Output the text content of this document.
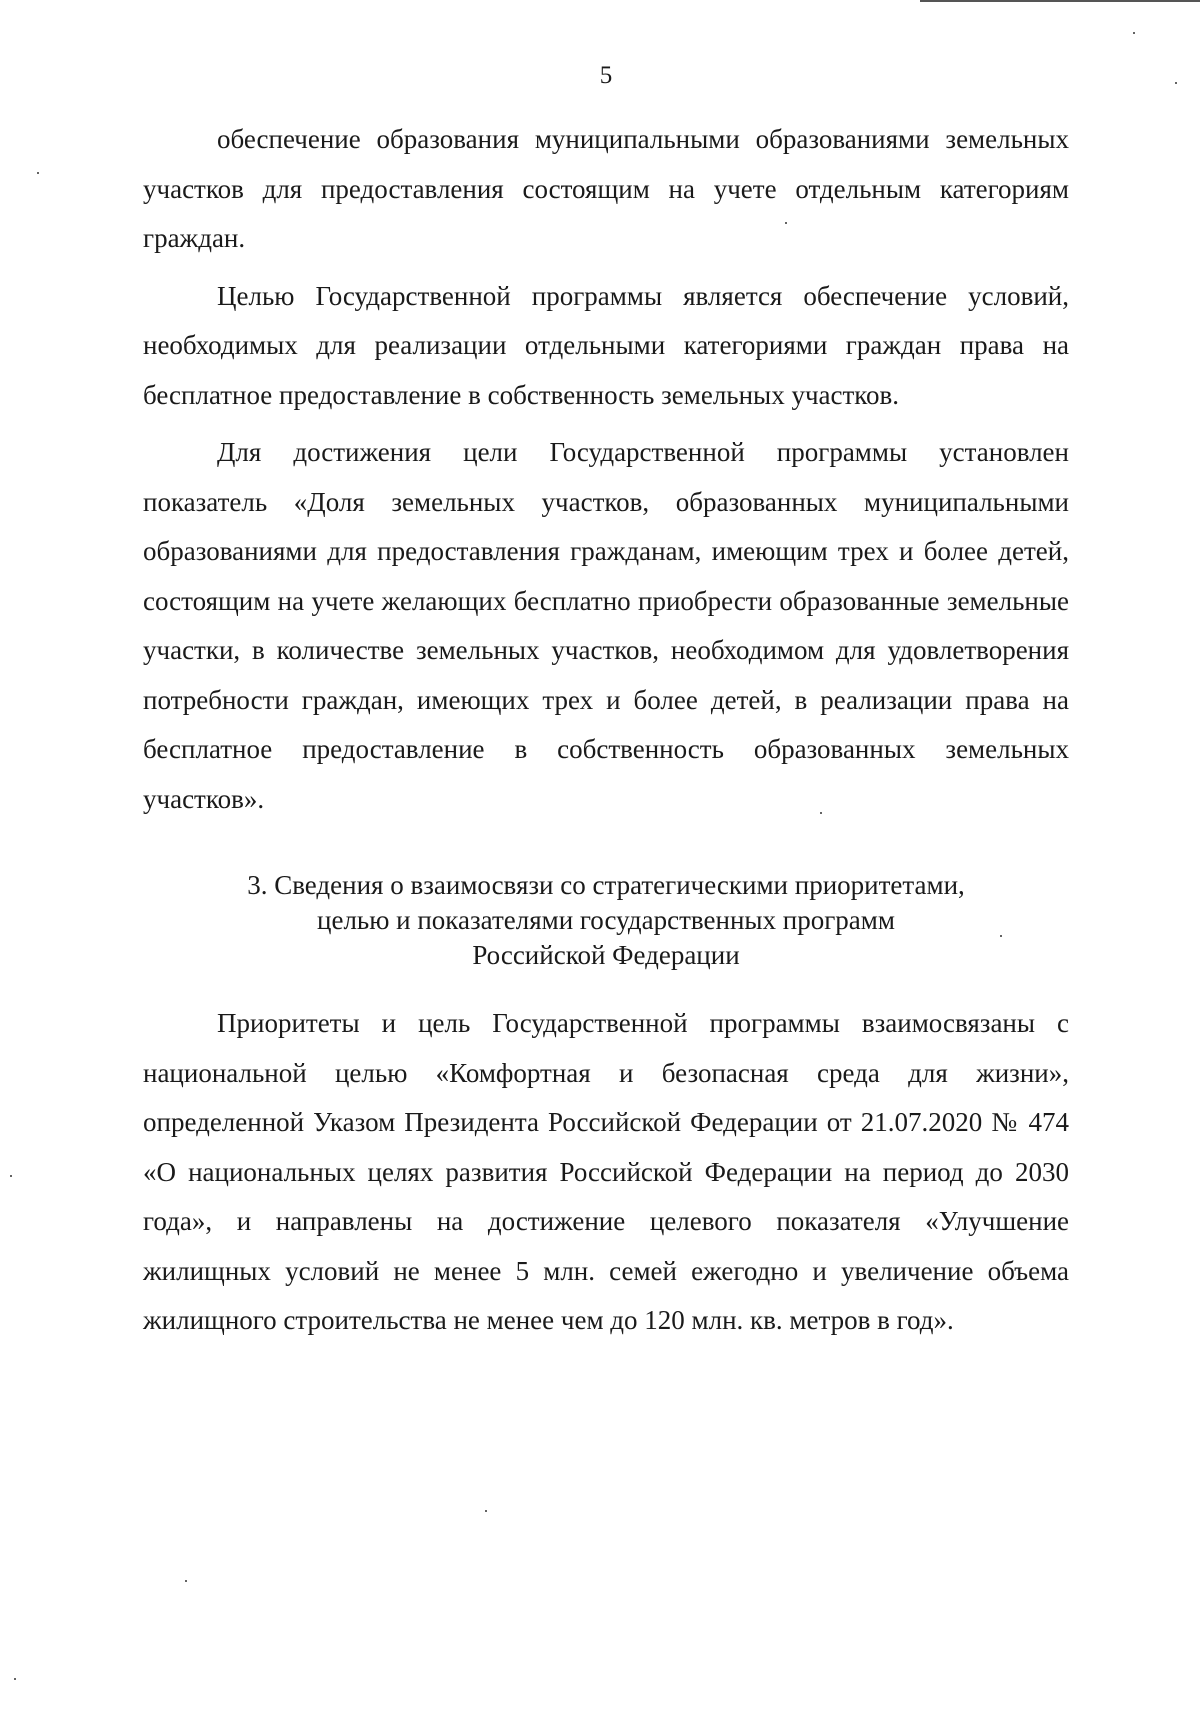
5

обеспечение образования муниципальными образованиями земельных участков для предоставления состоящим на учете отдельным категориям граждан.

Целью Государственной программы является обеспечение условий, необходимых для реализации отдельными категориями граждан права на бесплатное предоставление в собственность земельных участков.

Для достижения цели Государственной программы установлен показатель «Доля земельных участков, образованных муниципальными образованиями для предоставления гражданам, имеющим трех и более детей, состоящим на учете желающих бесплатно приобрести образованные земельные участки, в количестве земельных участков, необходимом для удовлетворения потребности граждан, имеющих трех и более детей, в реализации права на бесплатное предоставление в собственность образованных земельных участков».

3. Сведения о взаимосвязи со стратегическими приоритетами,
целью и показателями государственных программ
Российской Федерации

Приоритеты и цель Государственной программы взаимосвязаны с национальной целью «Комфортная и безопасная среда для жизни», определенной Указом Президента Российской Федерации от 21.07.2020 № 474 «О национальных целях развития Российской Федерации на период до 2030 года», и направлены на достижение целевого показателя «Улучшение жилищных условий не менее 5 млн. семей ежегодно и увеличение объема жилищного строительства не менее чем до 120 млн. кв. метров в год».
